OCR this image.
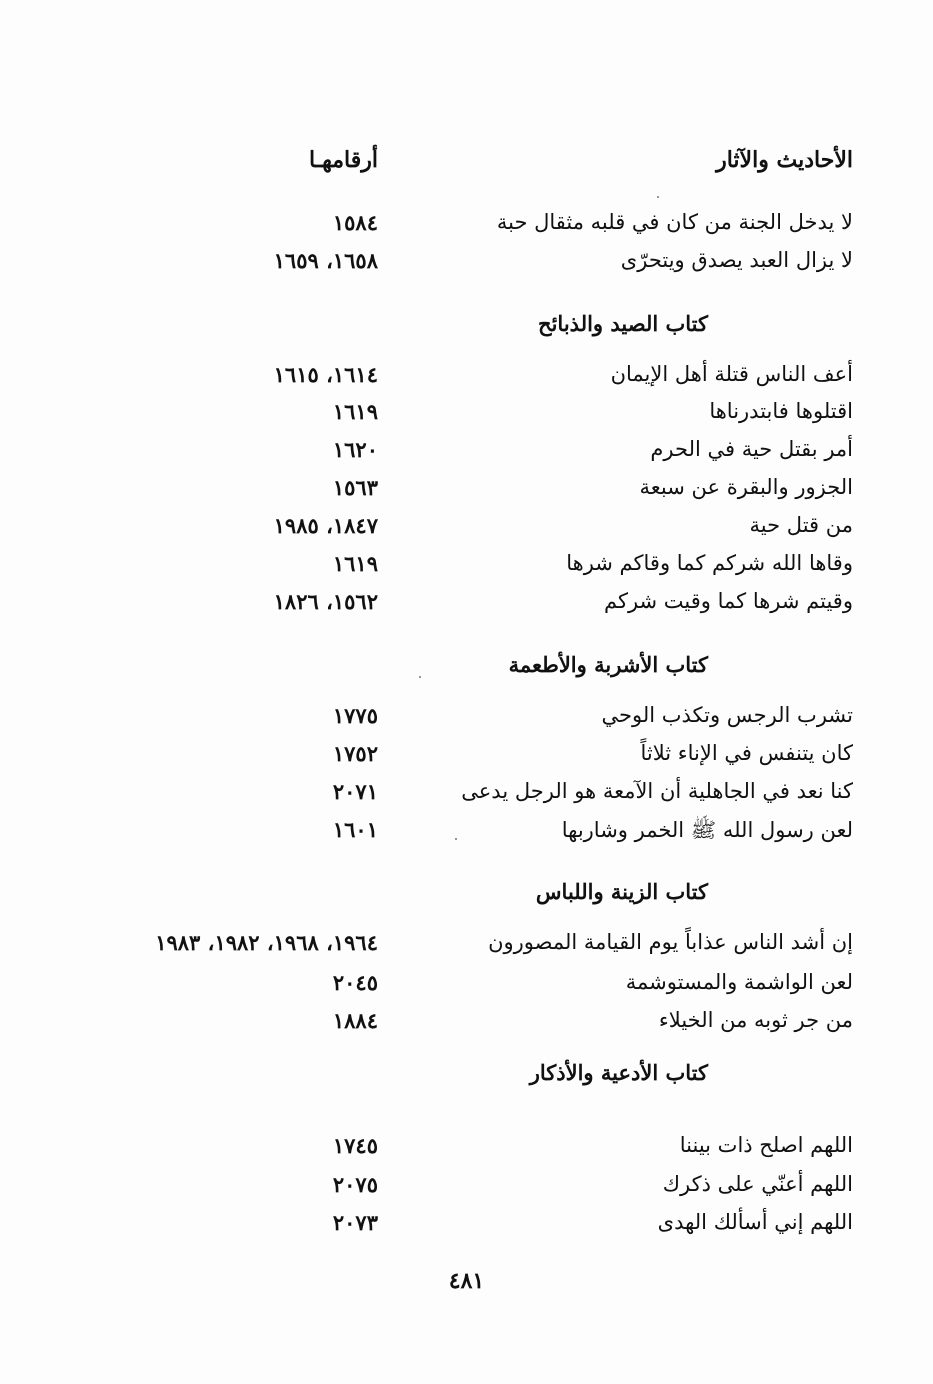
الأحاديث والآثار
أرقامهـا
لا يدخل الجنة من كان في قلبه مثقال حبة
١٥٨٤
لا يزال العبد يصدق ويتحرّى
١٦٥٨، ١٦٥٩
كتاب الصيد والذبائح
أعف الناس قتلة أهل الإيمان
١٦١٤، ١٦١٥
اقتلوها فابتدرناها
١٦١٩
أمر بقتل حية في الحرم
١٦٢٠
الجزور والبقرة عن سبعة
١٥٦٣
من قتل حية
١٨٤٧، ١٩٨٥
وقاها الله شركم كما وقاكم شرها
١٦١٩
وقيتم شرها كما وقيت شركم
١٥٦٢، ١٨٢٦
كتاب الأشربة والأطعمة
تشرب الرجس وتكذب الوحي
١٧٧٥
كان يتنفس في الإناء ثلاثاً
١٧٥٢
كنا نعد في الجاهلية أن الآمعة هو الرجل يدعى
٢٠٧١
لعن رسول الله ﷺ الخمر وشاربها
١٦٠١
كتاب الزينة واللباس
إن أشد الناس عذاباً يوم القيامة المصورون
١٩٦٤، ١٩٦٨، ١٩٨٢، ١٩٨٣
لعن الواشمة والمستوشمة
٢٠٤٥
من جر ثوبه من الخيلاء
١٨٨٤
كتاب الأدعية والأذكار
اللهم اصلح ذات بيننا
١٧٤٥
اللهم أعنّي على ذكرك
٢٠٧٥
اللهم إني أسألك الهدى
٢٠٧٣
٤٨١
